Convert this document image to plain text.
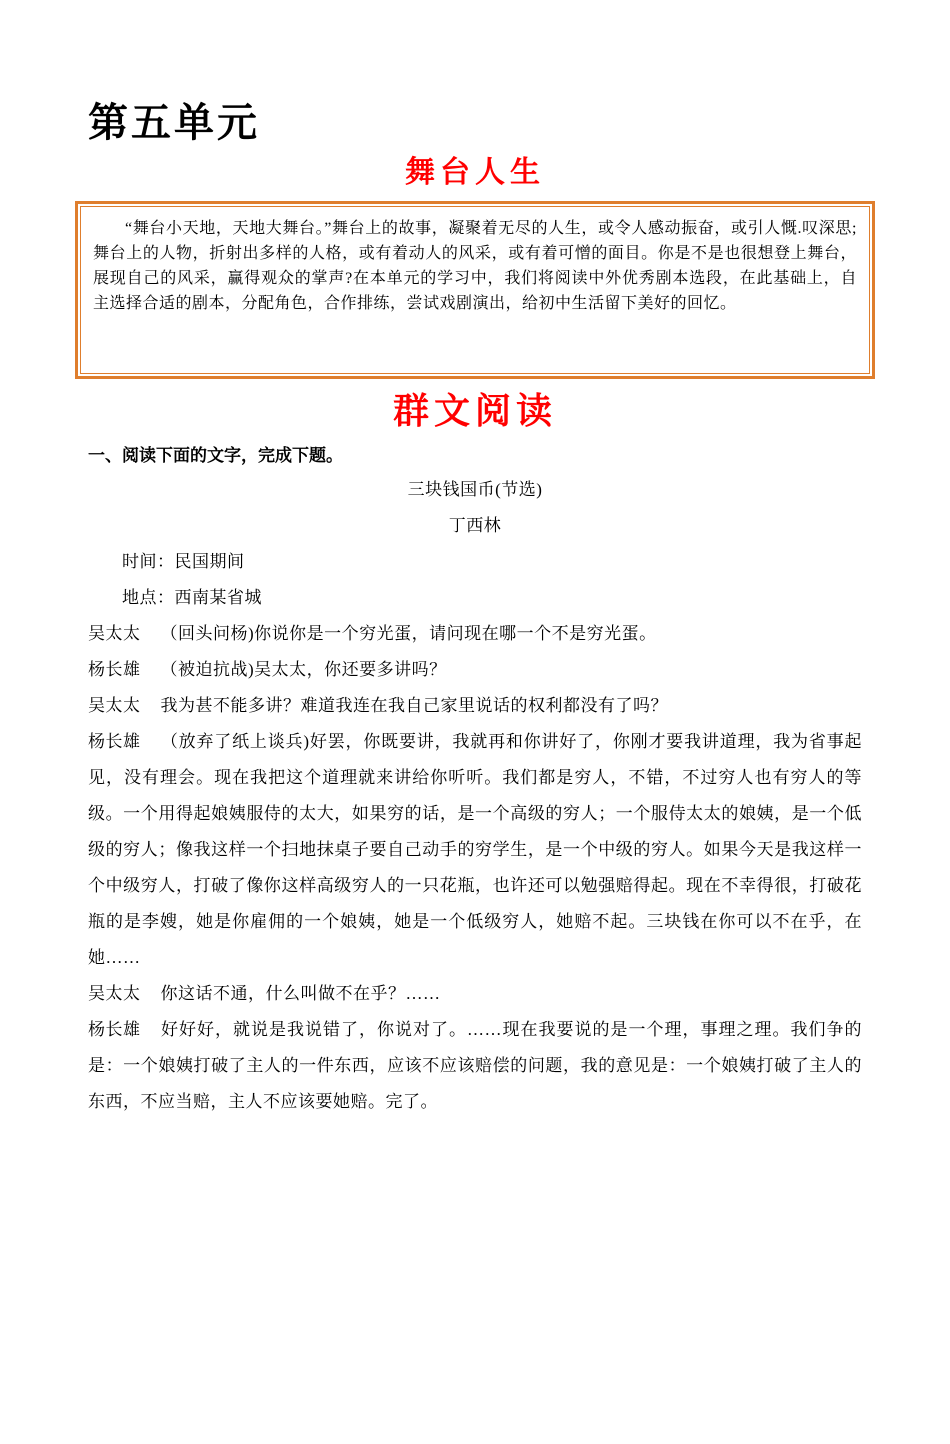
第五单元
舞台人生

“舞台小天地，天地大舞台。”舞台上的故事，凝聚着无尽的人生，或令人感动振奋，或引人慨.叹深思;舞台上的人物，折射出多样的人格，或有着动人的风采，或有着可憎的面目。你是不是也很想登上舞台，展现自己的风采，赢得观众的掌声?在本单元的学习中，我们将阅读中外优秀剧本选段，在此基础上，自主选择合适的剧本，分配角色，合作排练，尝试戏剧演出，给初中生活留下美好的回忆。

群文阅读

一、阅读下面的文字，完成下题。

三块钱国币(节选)

丁西林

时间：民国期间

地点：西南某省城

吴太太 （回头问杨)你说你是一个穷光蛋，请问现在哪一个不是穷光蛋。

杨长雄 （被迫抗战)吴太太，你还要多讲吗？

吴太太 我为甚不能多讲？难道我连在我自己家里说话的权利都没有了吗？

杨长雄 （放弃了纸上谈兵)好罢，你既要讲，我就再和你讲好了，你刚才要我讲道理，我为省事起见，没有理会。现在我把这个道理就来讲给你听听。我们都是穷人，不错，不过穷人也有穷人的等级。一个用得起娘姨服侍的太大，如果穷的话，是一个高级的穷人；一个服侍太太的娘姨，是一个低级的穷人；像我这样一个扫地抹桌子要自己动手的穷学生，是一个中级的穷人。如果今天是我这样一个中级穷人，打破了像你这样高级穷人的一只花瓶，也许还可以勉强赔得起。现在不幸得很，打破花瓶的是李嫂，她是你雇佣的一个娘姨，她是一个低级穷人，她赔不起。三块钱在你可以不在乎，在她……

吴太太 你这话不通，什么叫做不在乎？……

杨长雄 好好好，就说是我说错了，你说对了。……现在我要说的是一个理，事理之理。我们争的是：一个娘姨打破了主人的一件东西，应该不应该赔偿的问题，我的意见是：一个娘姨打破了主人的东西，不应当赔，主人不应该要她赔。完了。
